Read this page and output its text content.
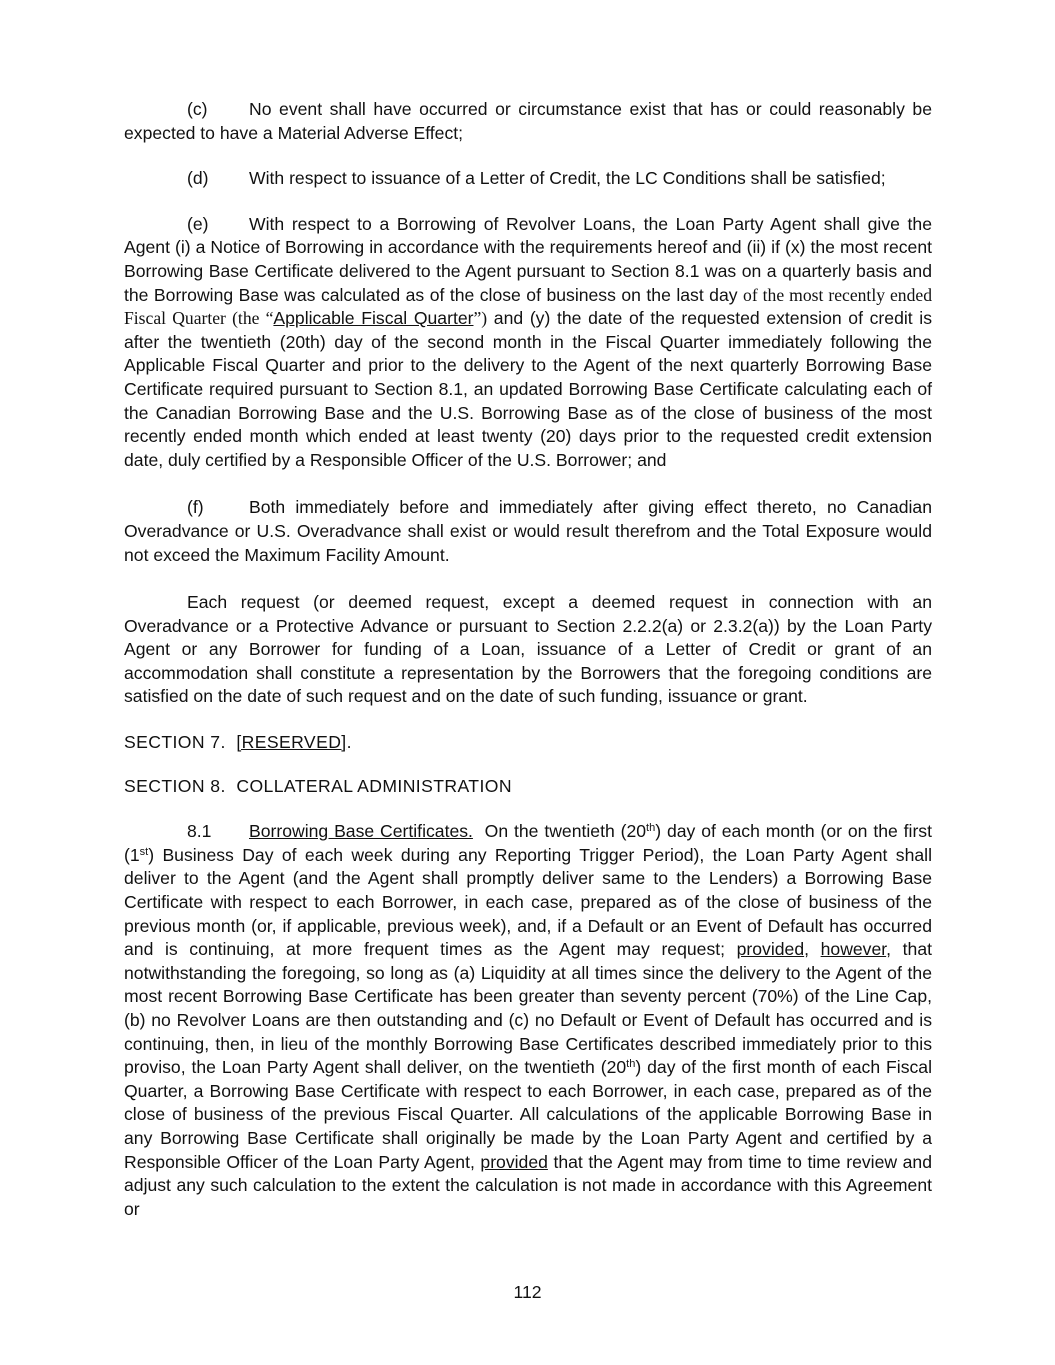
(c) No event shall have occurred or circumstance exist that has or could reasonably be expected to have a Material Adverse Effect;

(d) With respect to issuance of a Letter of Credit, the LC Conditions shall be satisfied;

(e) With respect to a Borrowing of Revolver Loans, the Loan Party Agent shall give the Agent (i) a Notice of Borrowing in accordance with the requirements hereof and (ii) if (x) the most recent Borrowing Base Certificate delivered to the Agent pursuant to Section 8.1 was on a quarterly basis and the Borrowing Base was calculated as of the close of business on the last day of the most recently ended Fiscal Quarter (the “Applicable Fiscal Quarter”) and (y) the date of the requested extension of credit is after the twentieth (20th) day of the second month in the Fiscal Quarter immediately following the Applicable Fiscal Quarter and prior to the delivery to the Agent of the next quarterly Borrowing Base Certificate required pursuant to Section 8.1, an updated Borrowing Base Certificate calculating each of the Canadian Borrowing Base and the U.S. Borrowing Base as of the close of business of the most recently ended month which ended at least twenty (20) days prior to the requested credit extension date, duly certified by a Responsible Officer of the U.S. Borrower; and

(f)	Both immediately before and immediately after giving effect thereto, no Canadian Overadvance or U.S. Overadvance shall exist or would result therefrom and the Total Exposure would not exceed the Maximum Facility Amount.

Each request (or deemed request, except a deemed request in connection with an Overadvance or a Protective Advance or pursuant to Section 2.2.2(a) or 2.3.2(a)) by the Loan Party Agent or any Borrower for funding of a Loan, issuance of a Letter of Credit or grant of an accommodation shall constitute a representation by the Borrowers that the foregoing conditions are satisfied on the date of such request and on the date of such funding, issuance or grant.

SECTION 7. [RESERVED].

SECTION 8. COLLATERAL ADMINISTRATION

8.1 Borrowing Base Certificates. On the twentieth (20th) day of each month (or on the first (1st) Business Day of each week during any Reporting Trigger Period), the Loan Party Agent shall deliver to the Agent (and the Agent shall promptly deliver same to the Lenders) a Borrowing Base Certificate with respect to each Borrower, in each case, prepared as of the close of business of the previous month (or, if applicable, previous week), and, if a Default or an Event of Default has occurred and is continuing, at more frequent times as the Agent may request; provided, however, that notwithstanding the foregoing, so long as (a) Liquidity at all times since the delivery to the Agent of the most recent Borrowing Base Certificate has been greater than seventy percent (70%) of the Line Cap, (b) no Revolver Loans are then outstanding and (c) no Default or Event of Default has occurred and is continuing, then, in lieu of the monthly Borrowing Base Certificates described immediately prior to this proviso, the Loan Party Agent shall deliver, on the twentieth (20th) day of the first month of each Fiscal Quarter, a Borrowing Base Certificate with respect to each Borrower, in each case, prepared as of the close of business of the previous Fiscal Quarter. All calculations of the applicable Borrowing Base in any Borrowing Base Certificate shall originally be made by the Loan Party Agent and certified by a Responsible Officer of the Loan Party Agent, provided that the Agent may from time to time review and adjust any such calculation to the extent the calculation is not made in accordance with this Agreement or

112
